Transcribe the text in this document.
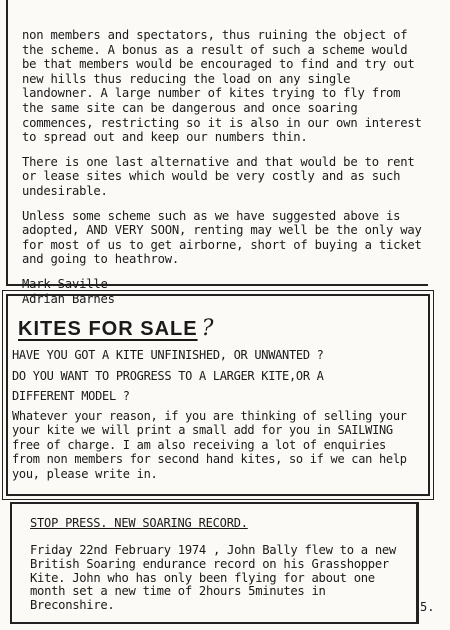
non members and spectators, thus ruining the object of the scheme. A bonus as a result of such a scheme would be that members would be encouraged to find and try out new hills thus reducing the load on any single landowner. A large number of kites trying to fly from the same site can be dangerous and once soaring commences, restricting so it is also in our own interest to spread out and keep our numbers thin.

There is one last alternative and that would be to rent or lease sites which would be very costly and as such undesirable.

Unless some scheme such as we have suggested above is adopted, AND VERY SOON, renting may well be the only way for most of us to get airborne, short of buying a ticket and going to heathrow.

Mark Saville
Adrian Barnes
KITES FOR SALE ?
HAVE YOU GOT A KITE UNFINISHED, OR UNWANTED ?
DO YOU WANT TO PROGRESS TO A LARGER KITE,OR A
DIFFERENT MODEL ?
Whatever your reason, if you are thinking of selling your your kite we will print a small add for you in SAILWING free of charge. I am also receiving a lot of enquiries from non members for second hand kites, so if we can help you, please write in.
STOP PRESS. NEW SOARING RECORD.
Friday 22nd February 1974 , John Bally flew to a new British Soaring endurance record on his Grasshopper Kite. John who has only been flying for about one month set a new time of 2hours 5minutes in Breconshire.	5.
